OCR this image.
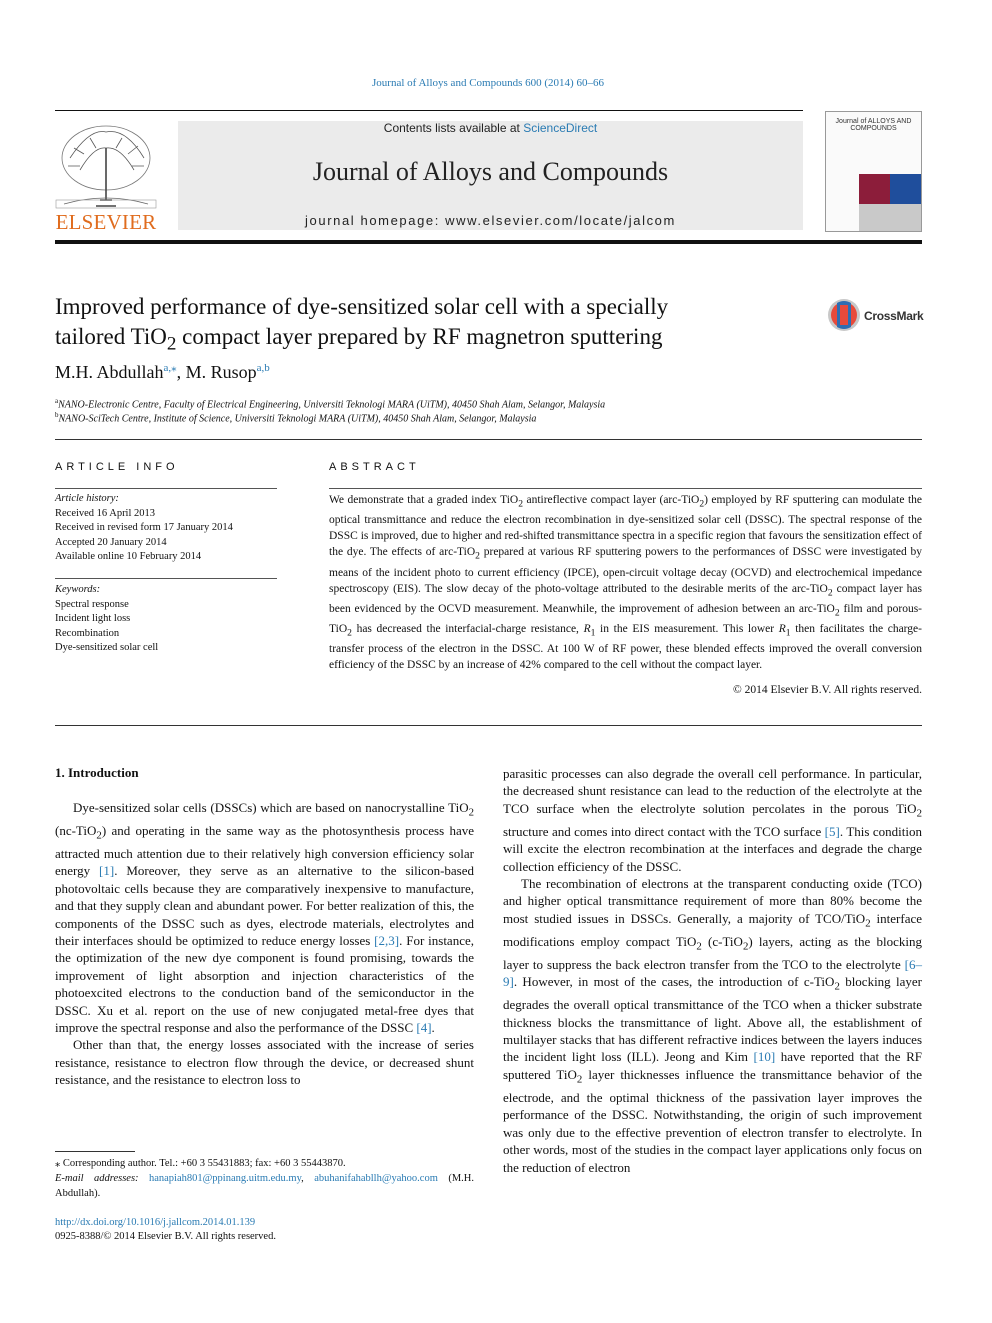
Journal of Alloys and Compounds 600 (2014) 60–66
ELSEVIER
Contents lists available at ScienceDirect
Journal of Alloys and Compounds
journal homepage: www.elsevier.com/locate/jalcom
Journal of ALLOYS AND COMPOUNDS
Improved performance of dye-sensitized solar cell with a specially
tailored TiO$_2$ compact layer prepared by RF magnetron sputtering
CrossMark
M.H. Abdullah$^{a,⁎}$, M. Rusop$^{a,b}$
$^a$NANO-Electronic Centre, Faculty of Electrical Engineering, Universiti Teknologi MARA (UiTM), 40450 Shah Alam, Selangor, Malaysia
$^b$NANO-SciTech Centre, Institute of Science, Universiti Teknologi MARA (UiTM), 40450 Shah Alam, Selangor, Malaysia
ARTICLE INFO	ABSTRACT
Article history:
Received 16 April 2013
Received in revised form 17 January 2014
Accepted 20 January 2014
Available online 10 February 2014
Keywords:
Spectral response
Incident light loss
Recombination
Dye-sensitized solar cell
We demonstrate that a graded index TiO$_2$ antireflective compact layer (arc-TiO$_2$) employed by RF sputtering can modulate the optical transmittance and reduce the electron recombination in dye-sensitized solar cell (DSSC). The spectral response of the DSSC is improved, due to higher and red-shifted transmittance spectra in a specific region that favours the sensitization effect of the dye. The effects of arc-TiO$_2$ prepared at various RF sputtering powers to the performances of DSSC were investigated by means of the incident photo to current efficiency (IPCE), open-circuit voltage decay (OCVD) and electrochemical impedance spectroscopy (EIS). The slow decay of the photo-voltage attributed to the desirable merits of the arc-TiO$_2$ compact layer has been evidenced by the OCVD measurement. Meanwhile, the improvement of adhesion between an arc-TiO$_2$ film and porous-TiO$_2$ has decreased the interfacial-charge resistance, $R_1$ in the EIS measurement. This lower $R_1$ then facilitates the charge-transfer process of the electron in the DSSC. At 100 W of RF power, these blended effects improved the overall conversion efficiency of the DSSC by an increase of 42% compared to the cell without the compact layer.
© 2014 Elsevier B.V. All rights reserved.
1. Introduction

Dye-sensitized solar cells (DSSCs) which are based on nanocrystalline TiO$_2$ (nc-TiO$_2$) and operating in the same way as the photosynthesis process have attracted much attention due to their relatively high conversion efficiency solar energy [1]. Moreover, they serve as an alternative to the silicon-based photovoltaic cells because they are comparatively inexpensive to manufacture, and that they supply clean and abundant power. For better realization of this, the components of the DSSC such as dyes, electrode materials, electrolytes and their interfaces should be optimized to reduce energy losses [2,3]. For instance, the optimization of the new dye component is found promising, towards the improvement of light absorption and injection characteristics of the photoexcited electrons to the conduction band of the semiconductor in the DSSC. Xu et al. report on the use of new conjugated metal-free dyes that improve the spectral response and also the performance of the DSSC [4].

Other than that, the energy losses associated with the increase of series resistance, resistance to electron flow through the device, or decreased shunt resistance, and the resistance to electron loss to

parasitic processes can also degrade the overall cell performance. In particular, the decreased shunt resistance can lead to the reduction of the electrolyte at the TCO surface when the electrolyte solution percolates in the porous TiO$_2$ structure and comes into direct contact with the TCO surface [5]. This condition will excite the electron recombination at the interfaces and degrade the charge collection efficiency of the DSSC.

The recombination of electrons at the transparent conducting oxide (TCO) and higher optical transmittance requirement of more than 80% become the most studied issues in DSSCs. Generally, a majority of TCO/TiO$_2$ interface modifications employ compact TiO$_2$ (c-TiO$_2$) layers, acting as the blocking layer to suppress the back electron transfer from the TCO to the electrolyte [6–9]. However, in most of the cases, the introduction of c-TiO$_2$ blocking layer degrades the overall optical transmittance of the TCO when a thicker substrate thickness blocks the transmittance of light. Above all, the establishment of multilayer stacks that has different refractive indices between the layers induces the incident light loss (ILL). Jeong and Kim [10] have reported that the RF sputtered TiO$_2$ layer thicknesses influence the transmittance behavior of the electrode, and the optimal thickness of the passivation layer improves the performance of the DSSC. Notwithstanding, the origin of such improvement was only due to the effective prevention of electron transfer to electrolyte. In other words, most of the studies in the compact layer applications only focus on the reduction of electron

⁎ Corresponding author. Tel.: +60 3 55431883; fax: +60 3 55443870.
E-mail addresses: hanapiah801@ppinang.uitm.edu.my, abuhanifahabllh@yahoo.com (M.H. Abdullah).
http://dx.doi.org/10.1016/j.jallcom.2014.01.139
0925-8388/© 2014 Elsevier B.V. All rights reserved.
